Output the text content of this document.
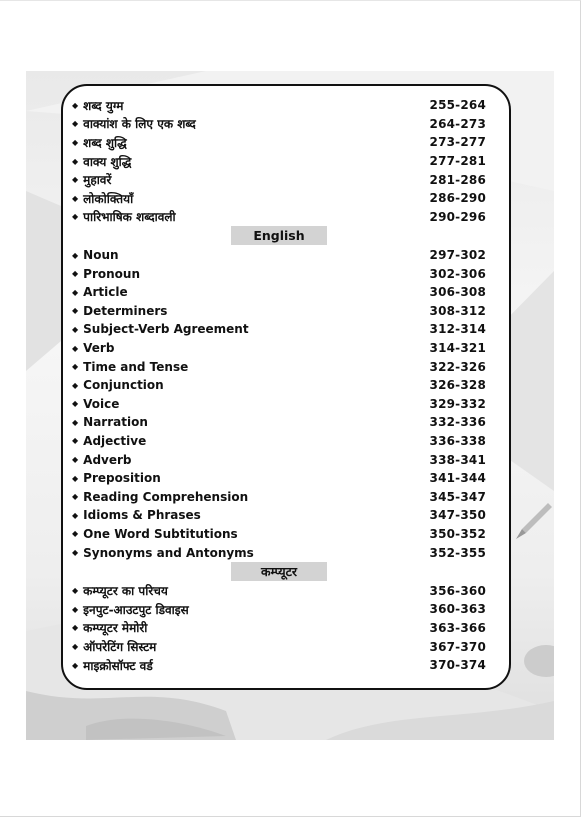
◆ शब्द युग्म	255-264
◆ वाक्यांश के लिए एक शब्द	264-273
◆ शब्द शुद्धि	273-277
◆ वाक्य शुद्धि	277-281
◆ मुहावरें	281-286
◆ लोकोक्तियाँ	286-290
◆ पारिभाषिक शब्दावली	290-296
English
◆ Noun	297-302
◆ Pronoun	302-306
◆ Article	306-308
◆ Determiners	308-312
◆ Subject-Verb Agreement	312-314
◆ Verb	314-321
◆ Time and Tense	322-326
◆ Conjunction	326-328
◆ Voice	329-332
◆ Narration	332-336
◆ Adjective	336-338
◆ Adverb	338-341
◆ Preposition	341-344
◆ Reading Comprehension	345-347
◆ Idioms & Phrases	347-350
◆ One Word Subtitutions	350-352
◆ Synonyms and Antonyms	352-355
कम्प्यूटर
◆ कम्प्यूटर का परिचय	356-360
◆ इनपुट-आउटपुट डिवाइस	360-363
◆ कम्प्यूटर मेमोरी	363-366
◆ ऑपरेटिंग सिस्टम	367-370
◆ माइक्रोसॉफ्ट वर्ड	370-374
